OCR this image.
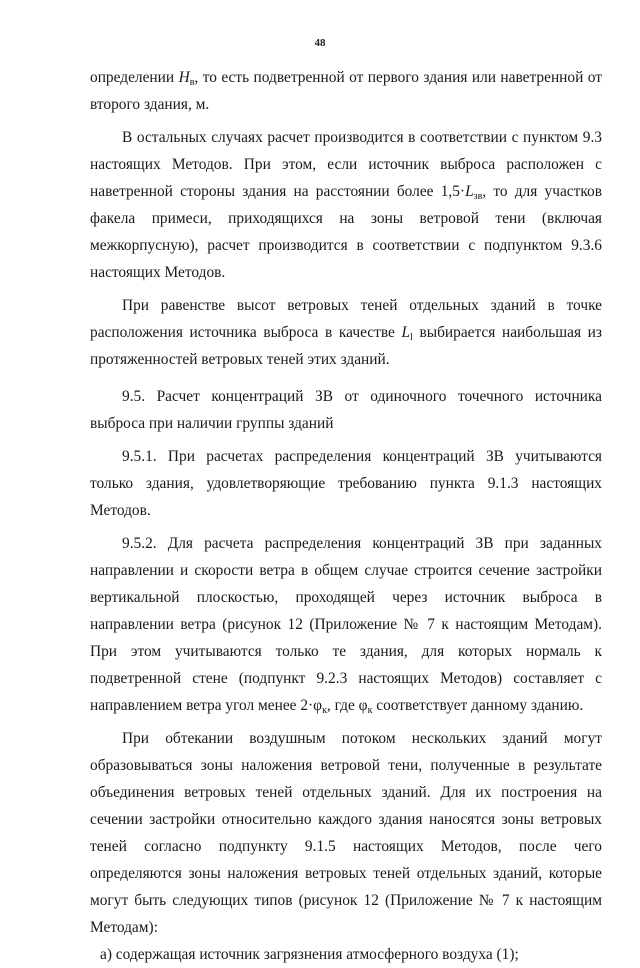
48

определении $H_в$, то есть подветренной от первого здания или наветренной от второго здания, м.

В остальных случаях расчет производится в соответствии с пунктом 9.3 настоящих Методов. При этом, если источник выброса расположен с наветренной стороны здания на расстоянии более $1,5\cdot L_{зв}$, то для участков факела примеси, приходящихся на зоны ветровой тени (включая межкорпусную), расчет производится в соответствии с подпунктом 9.3.6 настоящих Методов.

При равенстве высот ветровых теней отдельных зданий в точке расположения источника выброса в качестве $L_l$ выбирается наибольшая из протяженностей ветровых теней этих зданий.

9.5. Расчет концентраций ЗВ от одиночного точечного источника выброса при наличии группы зданий

9.5.1. При расчетах распределения концентраций ЗВ учитываются только здания, удовлетворяющие требованию пункта 9.1.3 настоящих Методов.

9.5.2. Для расчета распределения концентраций ЗВ при заданных направлении и скорости ветра в общем случае строится сечение застройки вертикальной плоскостью, проходящей через источник выброса в направлении ветра (рисунок 12 (Приложение № 7 к настоящим Методам). При этом учитываются только те здания, для которых нормаль к подветренной стене (подпункт 9.2.3 настоящих Методов) составляет с направлением ветра угол менее $2\cdot\varphi_к$, где $\varphi_к$ соответствует данному зданию.

При обтекании воздушным потоком нескольких зданий могут образовываться зоны наложения ветровой тени, полученные в результате объединения ветровых теней отдельных зданий. Для их построения на сечении застройки относительно каждого здания наносятся зоны ветровых теней согласно подпункту 9.1.5 настоящих Методов, после чего определяются зоны наложения ветровых теней отдельных зданий, которые могут быть следующих типов (рисунок 12 (Приложение № 7 к настоящим Методам):

а) содержащая источник загрязнения атмосферного воздуха (1);
